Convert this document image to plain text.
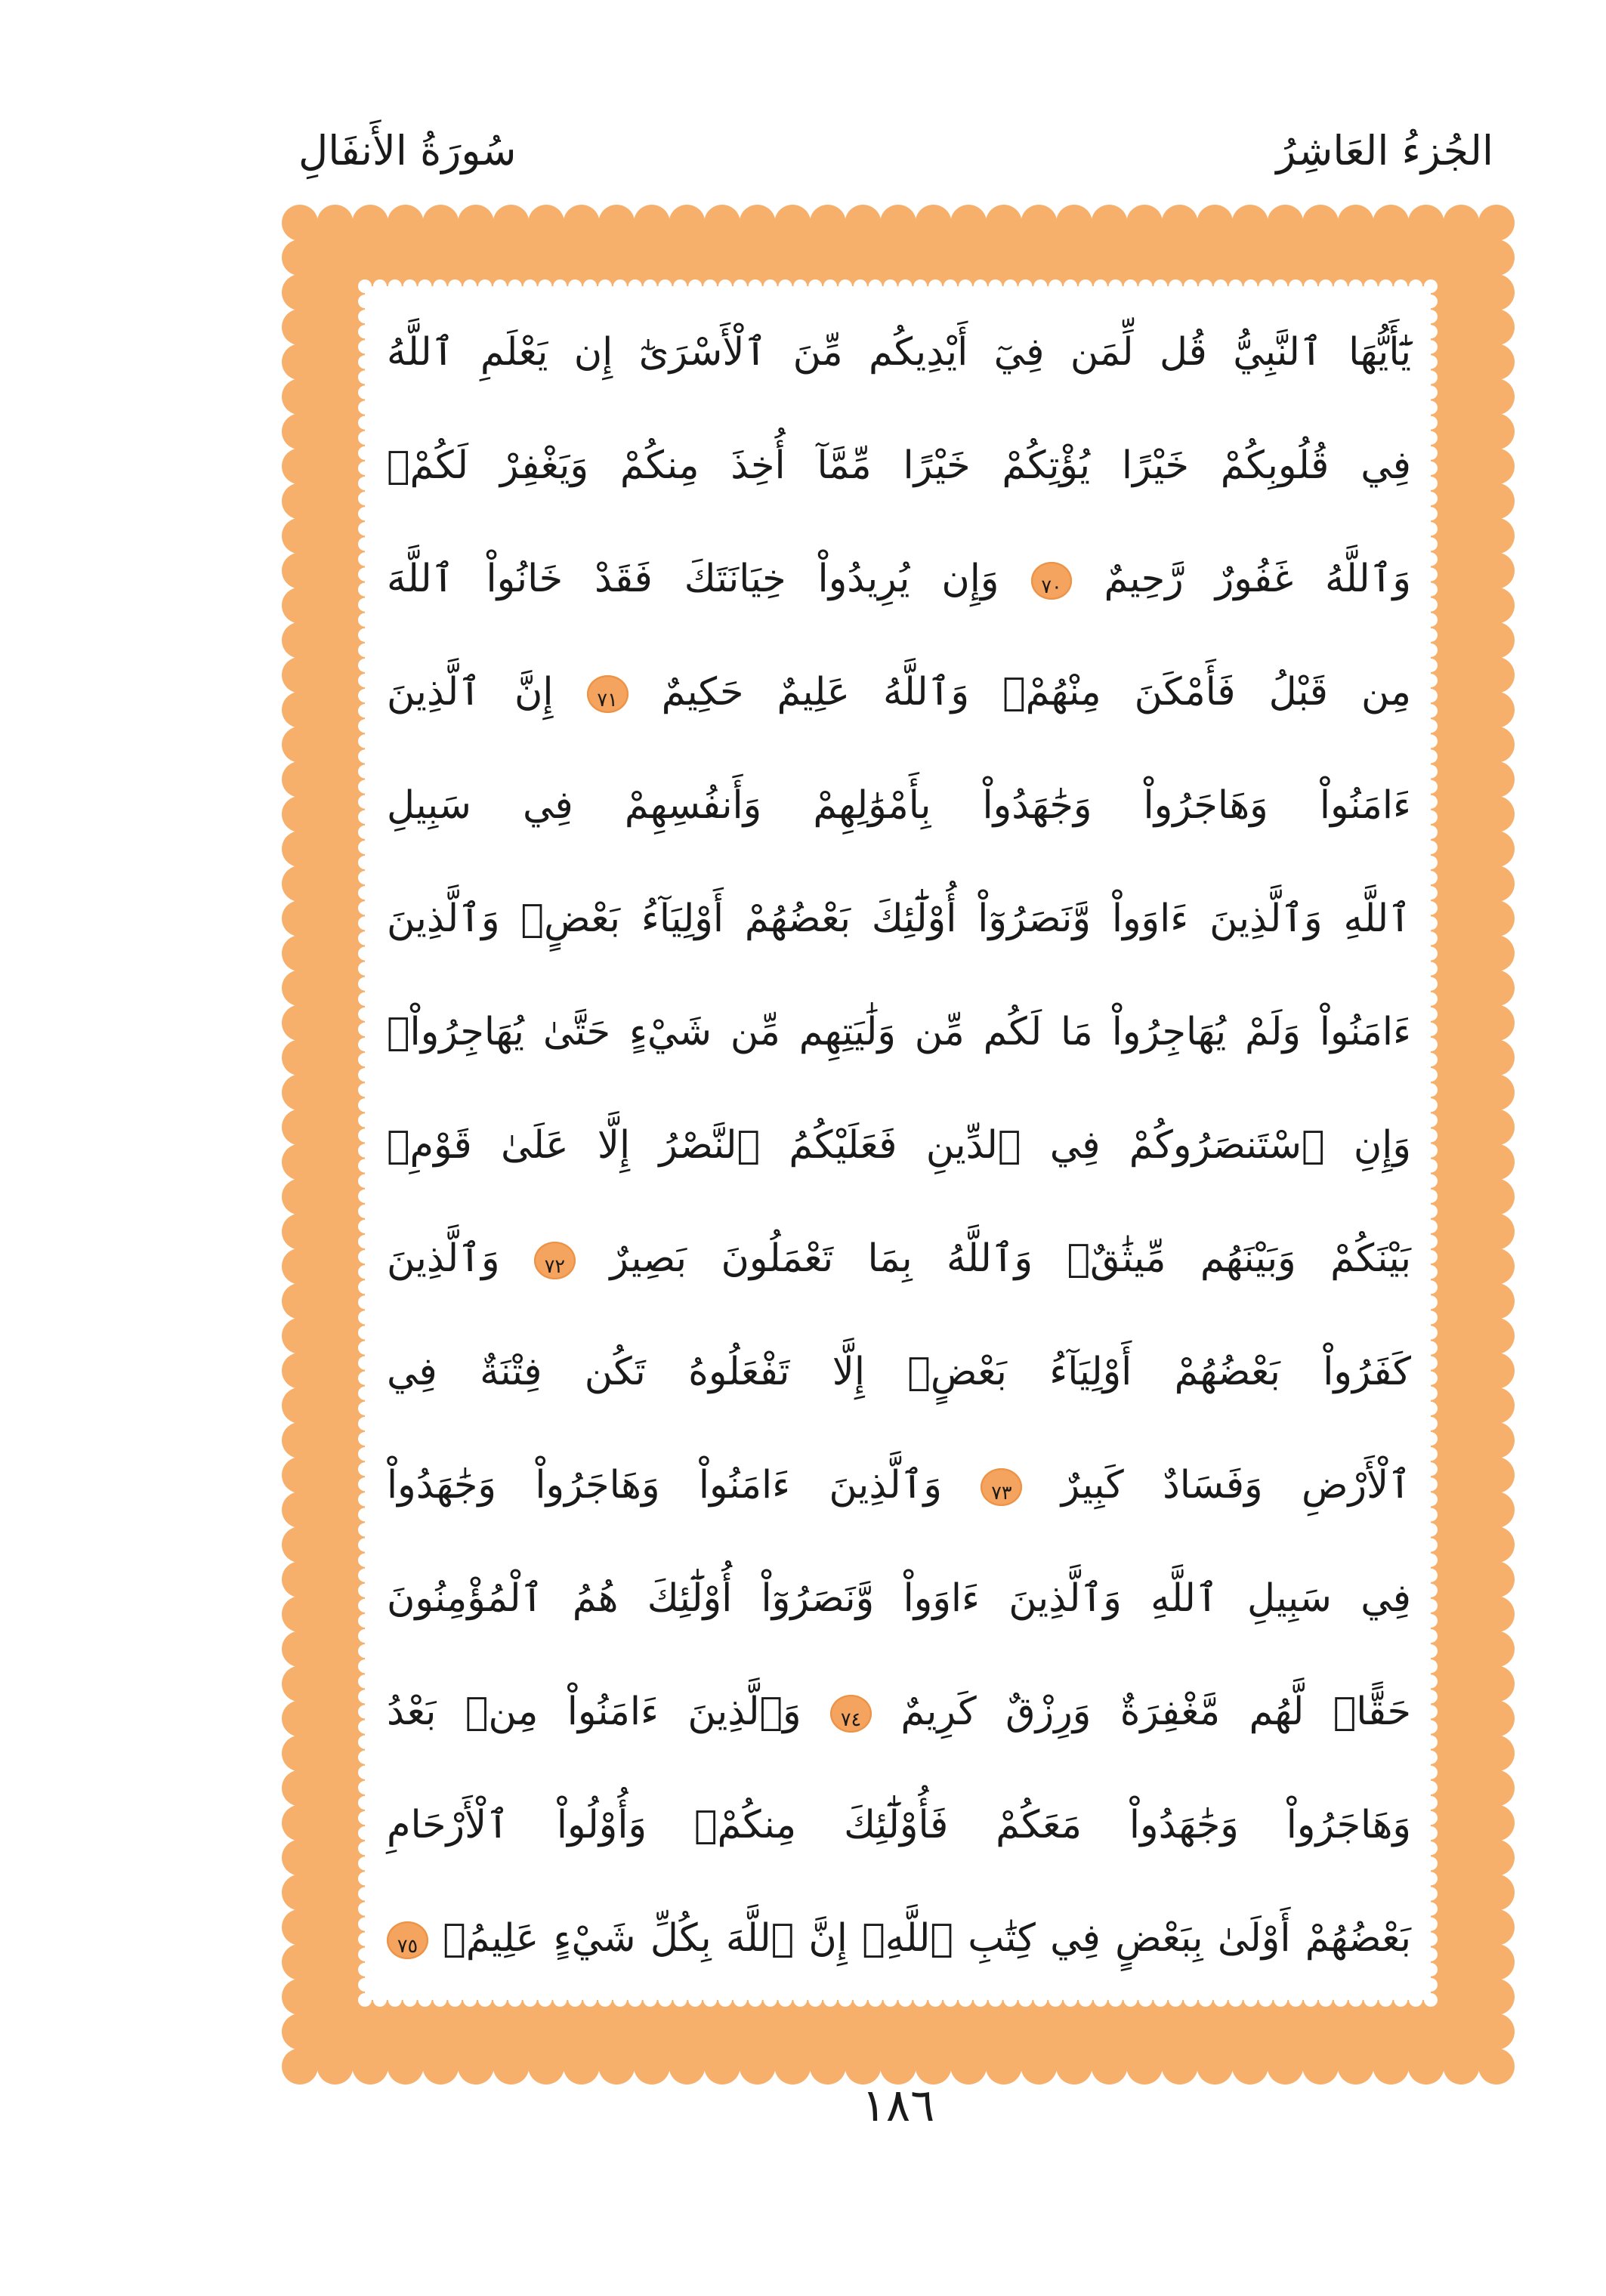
الجُزءُ العَاشِرُ
سُورَةُ الأَنفَالِ
يَٰٓأَيُّهَا ٱلنَّبِيُّ قُل لِّمَن فِيٓ أَيْدِيكُم مِّنَ ٱلْأَسْرَىٰٓ إِن يَعْلَمِ ٱللَّهُ
فِي قُلُوبِكُمْ خَيْرًا يُؤْتِكُمْ خَيْرًا مِّمَّآ أُخِذَ مِنكُمْ وَيَغْفِرْ لَكُمْۚ
وَٱللَّهُ غَفُورٌ رَّحِيمٌ ٧٠ وَإِن يُرِيدُواْ خِيَانَتَكَ فَقَدْ خَانُواْ ٱللَّهَ
مِن قَبْلُ فَأَمْكَنَ مِنْهُمْۗ وَٱللَّهُ عَلِيمٌ حَكِيمٌ ٧١ إِنَّ ٱلَّذِينَ
ءَامَنُواْ وَهَاجَرُواْ وَجَٰهَدُواْ بِأَمْوَٰلِهِمْ وَأَنفُسِهِمْ فِي سَبِيلِ
ٱللَّهِ وَٱلَّذِينَ ءَاوَواْ وَّنَصَرُوٓاْ أُوْلَٰٓئِكَ بَعْضُهُمْ أَوْلِيَآءُ بَعْضٍۚ وَٱلَّذِينَ
ءَامَنُواْ وَلَمْ يُهَاجِرُواْ مَا لَكُم مِّن وَلَٰيَتِهِم مِّن شَيْءٍ حَتَّىٰ يُهَاجِرُواْۚ
وَإِنِ ٱسْتَنصَرُوكُمْ فِي ٱلدِّينِ فَعَلَيْكُمُ ٱلنَّصْرُ إِلَّا عَلَىٰ قَوْمِۭ
بَيْنَكُمْ وَبَيْنَهُم مِّيثَٰقٌۗ وَٱللَّهُ بِمَا تَعْمَلُونَ بَصِيرٌ ٧٢ وَٱلَّذِينَ
كَفَرُواْ بَعْضُهُمْ أَوْلِيَآءُ بَعْضٍۚ إِلَّا تَفْعَلُوهُ تَكُن فِتْنَةٌ فِي
ٱلْأَرْضِ وَفَسَادٌ كَبِيرٌ ٧٣ وَٱلَّذِينَ ءَامَنُواْ وَهَاجَرُواْ وَجَٰهَدُواْ
فِي سَبِيلِ ٱللَّهِ وَٱلَّذِينَ ءَاوَواْ وَّنَصَرُوٓاْ أُوْلَٰٓئِكَ هُمُ ٱلْمُؤْمِنُونَ
حَقًّاۚ لَّهُم مَّغْفِرَةٌ وَرِزْقٌ كَرِيمٌ ٧٤ وَٱلَّذِينَ ءَامَنُواْ مِنۢ بَعْدُ
وَهَاجَرُواْ وَجَٰهَدُواْ مَعَكُمْ فَأُوْلَٰٓئِكَ مِنكُمْۚ وَأُوْلُواْ ٱلْأَرْحَامِ
بَعْضُهُمْ أَوْلَىٰ بِبَعْضٍ فِي كِتَٰبِ ٱللَّهِۚ إِنَّ ٱللَّهَ بِكُلِّ شَيْءٍ عَلِيمُۢ ٧٥
١٨٦
